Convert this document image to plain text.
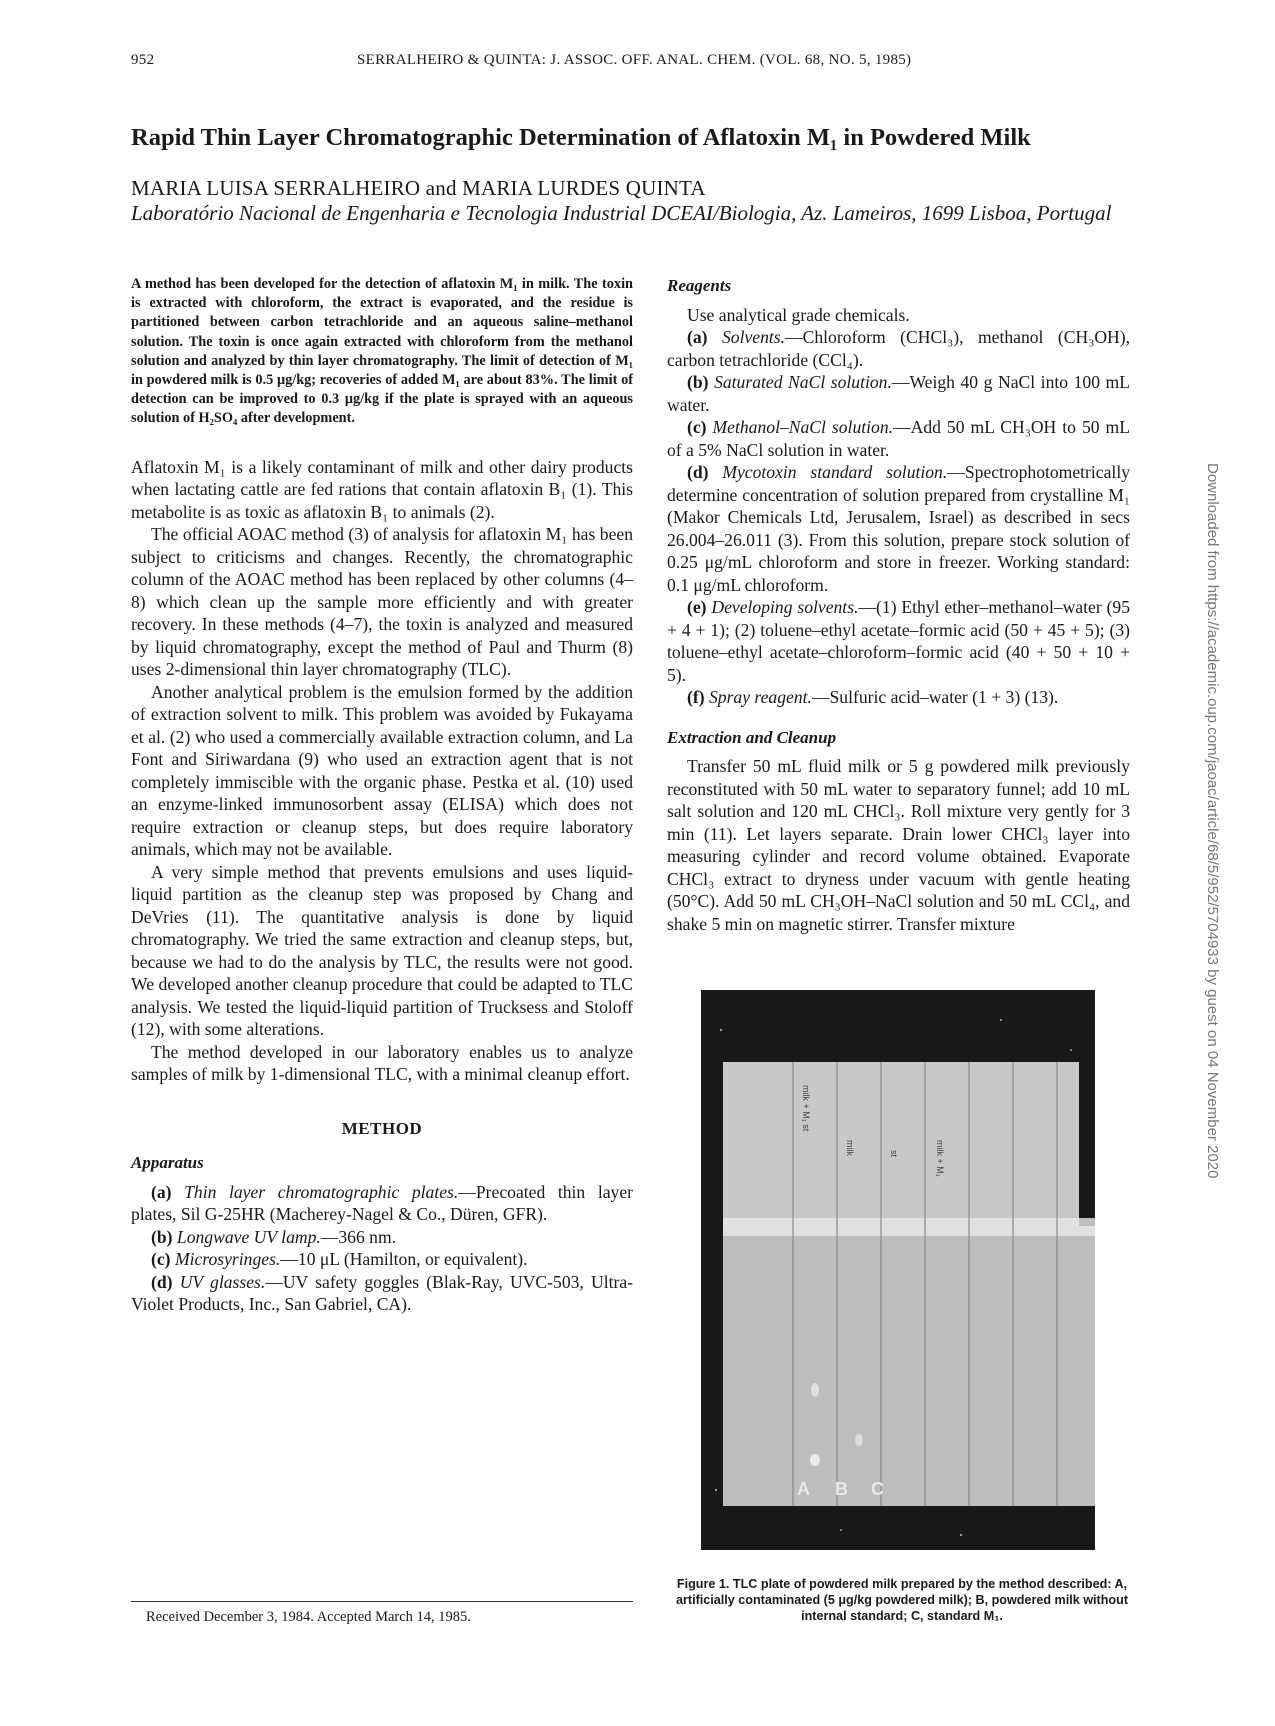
952	SERRALHEIRO & QUINTA: J. ASSOC. OFF. ANAL. CHEM. (VOL. 68, NO. 5, 1985)
Rapid Thin Layer Chromatographic Determination of Aflatoxin M₁ in Powdered Milk
MARIA LUISA SERRALHEIRO and MARIA LURDES QUINTA
Laboratório Nacional de Engenharia e Tecnologia Industrial DCEAI/Biologia, Az. Lameiros, 1699 Lisboa, Portugal
A method has been developed for the detection of aflatoxin M₁ in milk. The toxin is extracted with chloroform, the extract is evaporated, and the residue is partitioned between carbon tetrachloride and an aqueous saline–methanol solution. The toxin is once again extracted with chloroform from the methanol solution and analyzed by thin layer chromatography. The limit of detection of M₁ in powdered milk is 0.5 μg/kg; recoveries of added M₁ are about 83%. The limit of detection can be improved to 0.3 μg/kg if the plate is sprayed with an aqueous solution of H₂SO₄ after development.

Aflatoxin M₁ is a likely contaminant of milk and other dairy products when lactating cattle are fed rations that contain aflatoxin B₁ (1). This metabolite is as toxic as aflatoxin B₁ to animals (2).

The official AOAC method (3) of analysis for aflatoxin M₁ has been subject to criticisms and changes. Recently, the chromatographic column of the AOAC method has been replaced by other columns (4–8) which clean up the sample more efficiently and with greater recovery. In these methods (4–7), the toxin is analyzed and measured by liquid chromatography, except the method of Paul and Thurm (8) uses 2-dimensional thin layer chromatography (TLC).

Another analytical problem is the emulsion formed by the addition of extraction solvent to milk. This problem was avoided by Fukayama et al. (2) who used a commercially available extraction column, and La Font and Siriwardana (9) who used an extraction agent that is not completely immiscible with the organic phase. Pestka et al. (10) used an enzyme-linked immunosorbent assay (ELISA) which does not require extraction or cleanup steps, but does require laboratory animals, which may not be available.

A very simple method that prevents emulsions and uses liquid-liquid partition as the cleanup step was proposed by Chang and DeVries (11). The quantitative analysis is done by liquid chromatography. We tried the same extraction and cleanup steps, but, because we had to do the analysis by TLC, the results were not good. We developed another cleanup procedure that could be adapted to TLC analysis. We tested the liquid-liquid partition of Trucksess and Stoloff (12), with some alterations.

The method developed in our laboratory enables us to analyze samples of milk by 1-dimensional TLC, with a minimal cleanup effort.

METHOD
Apparatus

(a) Thin layer chromatographic plates.—Precoated thin layer plates, Sil G-25HR (Macherey-Nagel & Co., Düren, GFR).

(b) Longwave UV lamp.—366 nm.

(c) Microsyringes.—10 μL (Hamilton, or equivalent).

(d) UV glasses.—UV safety goggles (Blak-Ray, UVC-503, Ultra-Violet Products, Inc., San Gabriel, CA).

Reagents

Use analytical grade chemicals.

(a) Solvents.—Chloroform (CHCl₃), methanol (CH₃OH), carbon tetrachloride (CCl₄).

(b) Saturated NaCl solution.—Weigh 40 g NaCl into 100 mL water.

(c) Methanol–NaCl solution.—Add 50 mL CH₃OH to 50 mL of a 5% NaCl solution in water.

(d) Mycotoxin standard solution.—Spectrophotometrically determine concentration of solution prepared from crystalline M₁ (Makor Chemicals Ltd, Jerusalem, Israel) as described in secs 26.004–26.011 (3). From this solution, prepare stock solution of 0.25 μg/mL chloroform and store in freezer. Working standard: 0.1 μg/mL chloroform.

(e) Developing solvents.—(1) Ethyl ether–methanol–water (95 + 4 + 1); (2) toluene–ethyl acetate–formic acid (50 + 45 + 5); (3) toluene–ethyl acetate–chloroform–formic acid (40 + 50 + 10 + 5).

(f) Spray reagent.—Sulfuric acid–water (1 + 3) (13).

Extraction and Cleanup

Transfer 50 mL fluid milk or 5 g powdered milk previously reconstituted with 50 mL water to separatory funnel; add 10 mL salt solution and 120 mL CHCl₃. Roll mixture very gently for 3 min (11). Let layers separate. Drain lower CHCl₃ layer into measuring cylinder and record volume obtained. Evaporate CHCl₃ extract to dryness under vacuum with gentle heating (50°C). Add 50 mL CH₃OH–NaCl solution and 50 mL CCl₄, and shake 5 min on magnetic stirrer. Transfer mixture

milk + M₁ st
milk	st	milk + M₁
A B C
Figure 1. TLC plate of powdered milk prepared by the method described: A, artificially contaminated (5 μg/kg powdered milk); B, powdered milk without internal standard; C, standard M₁.
Received December 3, 1984. Accepted March 14, 1985.
Downloaded from https://academic.oup.com/jaoac/article/68/5/952/5704933 by guest on 04 November 2020
